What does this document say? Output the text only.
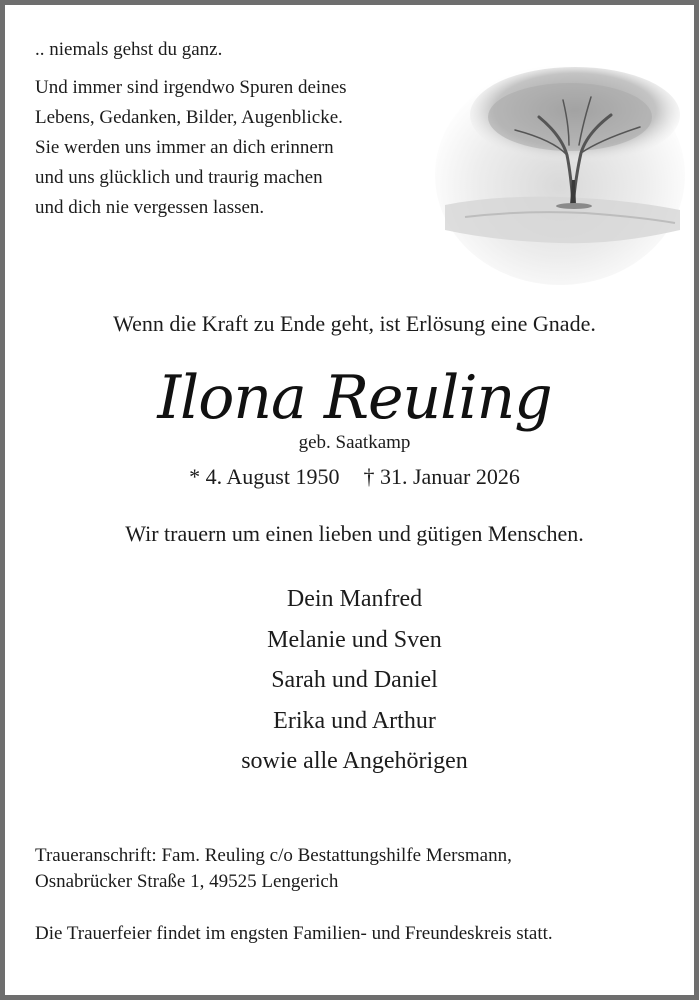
.. niemals gehst du ganz.
Und immer sind irgendwo Spuren deines
Lebens, Gedanken, Bilder, Augenblicke.
Sie werden uns immer an dich erinnern
und uns glücklich und traurig machen
und dich nie vergessen lassen.
Wenn die Kraft zu Ende geht, ist Erlösung eine Gnade.
Ilona Reuling
geb. Saatkamp
* 4. August 1950 † 31. Januar 2026
Wir trauern um einen lieben und gütigen Menschen.
Dein Manfred
Melanie und Sven
Sarah und Daniel
Erika und Arthur
sowie alle Angehörigen
Traueranschrift: Fam. Reuling c/o Bestattungshilfe Mersmann,
Osnabrücker Straße 1, 49525 Lengerich
Die Trauerfeier findet im engsten Familien- und Freundeskreis statt.
